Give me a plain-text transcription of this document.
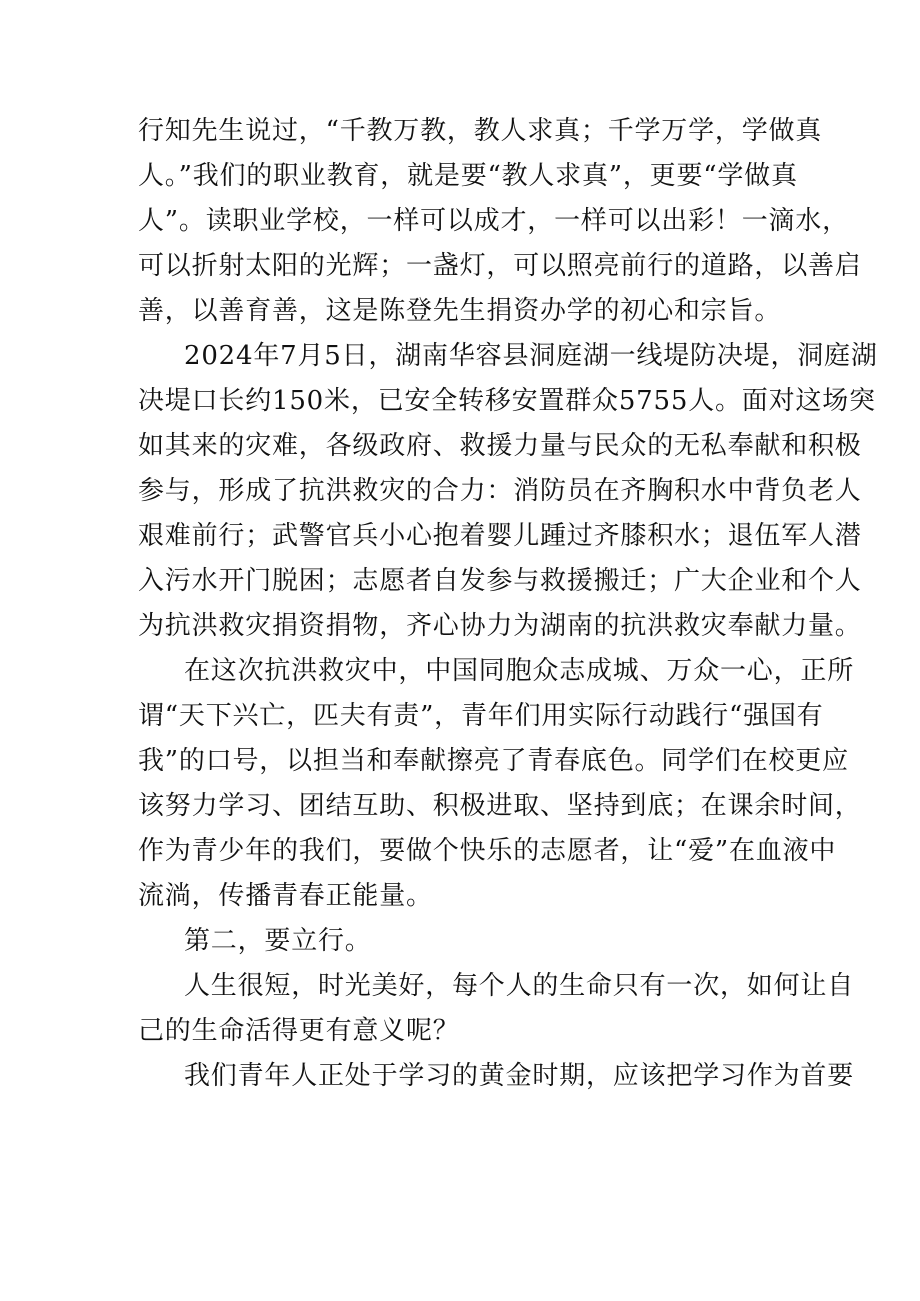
行知先生说过，“千教万教，教人求真；千学万学，学做真
人。”我们的职业教育，就是要“教人求真”，更要“学做真
人”。读职业学校，一样可以成才，一样可以出彩！一滴水，
可以折射太阳的光辉；一盏灯，可以照亮前行的道路，以善启
善，以善育善，这是陈登先生捐资办学的初心和宗旨。
2024年7月5日，湖南华容县洞庭湖一线堤防决堤，洞庭湖
决堤口长约150米，已安全转移安置群众5755人。面对这场突
如其来的灾难，各级政府、救援力量与民众的无私奉献和积极
参与，形成了抗洪救灾的合力：消防员在齐胸积水中背负老人
艰难前行；武警官兵小心抱着婴儿踵过齐膝积水；退伍军人潜
入污水开门脱困；志愿者自发参与救援搬迁；广大企业和个人
为抗洪救灾捐资捐物，齐心协力为湖南的抗洪救灾奉献力量。
在这次抗洪救灾中，中国同胞众志成城、万众一心，正所
谓“天下兴亡，匹夫有责”，青年们用实际行动践行“强国有
我”的口号，以担当和奉献擦亮了青春底色。同学们在校更应
该努力学习、团结互助、积极进取、坚持到底；在课余时间，
作为青少年的我们，要做个快乐的志愿者，让“爱”在血液中
流淌，传播青春正能量。
第二，要立行。
人生很短，时光美好，每个人的生命只有一次，如何让自
己的生命活得更有意义呢？
我们青年人正处于学习的黄金时期，应该把学习作为首要
